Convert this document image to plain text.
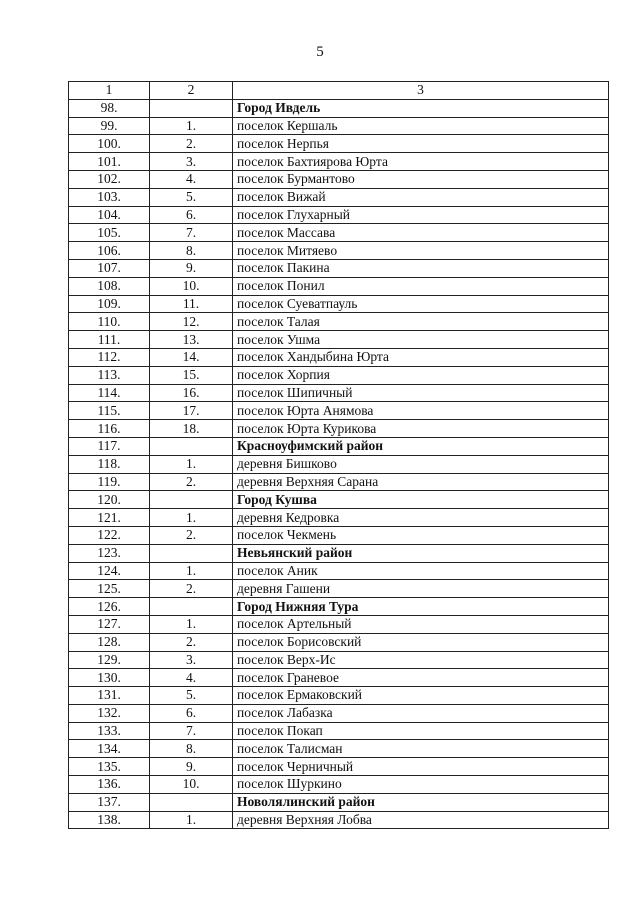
5
1	2	3
98.		Город Ивдель
99.	1.	поселок Кершаль
100.	2.	поселок Нерпья
101.	3.	поселок Бахтиярова Юрта
102.	4.	поселок Бурмантово
103.	5.	поселок Вижай
104.	6.	поселок Глухарный
105.	7.	поселок Массава
106.	8.	поселок Митяево
107.	9.	поселок Пакина
108.	10.	поселок Понил
109.	11.	поселок Суеватпауль
110.	12.	поселок Талая
111.	13.	поселок Ушма
112.	14.	поселок Хандыбина Юрта
113.	15.	поселок Хорпия
114.	16.	поселок Шипичный
115.	17.	поселок Юрта Анямова
116.	18.	поселок Юрта Курикова
117.		Красноуфимский район
118.	1.	деревня Бишково
119.	2.	деревня Верхняя Сарана
120.		Город Кушва
121.	1.	деревня Кедровка
122.	2.	поселок Чекмень
123.		Невьянский район
124.	1.	поселок Аник
125.	2.	деревня Гашени
126.		Город Нижняя Тура
127.	1.	поселок Артельный
128.	2.	поселок Борисовский
129.	3.	поселок Верх-Ис
130.	4.	поселок Граневое
131.	5.	поселок Ермаковский
132.	6.	поселок Лабазка
133.	7.	поселок Покап
134.	8.	поселок Талисман
135.	9.	поселок Черничный
136.	10.	поселок Шуркино
137.		Новолялинский район
138.	1.	деревня Верхняя Лобва
